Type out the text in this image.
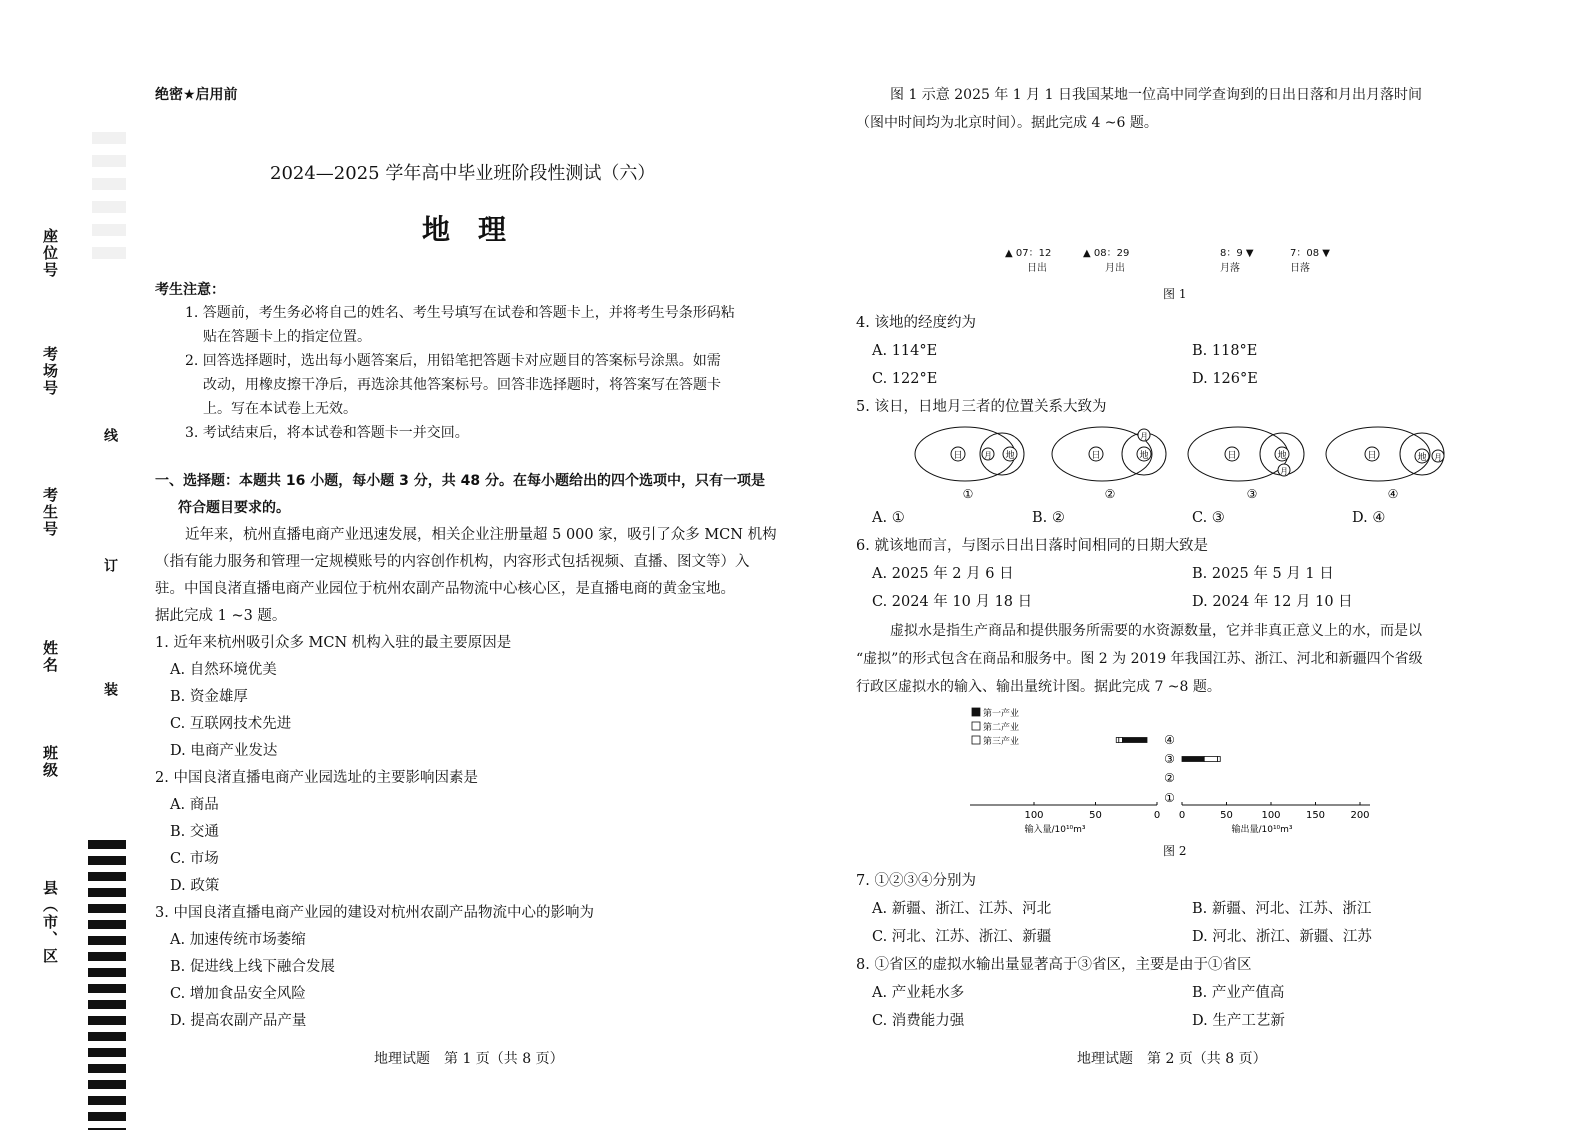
座位号
考场号
考生号
姓名
班级
县（市、区
线
订
装
绝密★启用前
2024—2025 学年高中毕业班阶段性测试（六）
地　理
考生注意：
1. 答题前，考生务必将自己的姓名、考生号填写在试卷和答题卡上，并将考生号条形码粘
贴在答题卡上的指定位置。
2. 回答选择题时，选出每小题答案后，用铅笔把答题卡对应题目的答案标号涂黑。如需
改动，用橡皮擦干净后，再选涂其他答案标号。回答非选择题时，将答案写在答题卡
上。写在本试卷上无效。
3. 考试结束后，将本试卷和答题卡一并交回。
一、选择题：本题共 16 小题，每小题 3 分，共 48 分。在每小题给出的四个选项中，只有一项是
符合题目要求的。
近年来，杭州直播电商产业迅速发展，相关企业注册量超 5 000 家，吸引了众多 MCN 机构
（指有能力服务和管理一定规模账号的内容创作机构，内容形式包括视频、直播、图文等）入
驻。中国良渚直播电商产业园位于杭州农副产品物流中心核心区，是直播电商的黄金宝地。
据此完成 1 ~3 题。
1. 近年来杭州吸引众多 MCN 机构入驻的最主要原因是
A. 自然环境优美
B. 资金雄厚
C. 互联网技术先进
D. 电商产业发达
2. 中国良渚直播电商产业园选址的主要影响因素是
A. 商品
B. 交通
C. 市场
D. 政策
3. 中国良渚直播电商产业园的建设对杭州农副产品物流中心的影响为
A. 加速传统市场萎缩
B. 促进线上线下融合发展
C. 增加食品安全风险
D. 提高农副产品产量
地理试题　第 1 页（共 8 页）
图 1 示意 2025 年 1 月 1 日我国某地一位高中同学查询到的日出日落和月出月落时间
（图中时间均为北京时间）。据此完成 4 ~6 题。
▲ 07：12
日出
▲ 08：29
月出
8：9 ▼
月落
7：08 ▼
日落
图 1
4. 该地的经度约为
A. 114°E	B. 118°E
C. 122°E	D. 126°E
5. 该日，日地月三者的位置关系大致为
日	月 地
①
日	地
月
②
日	地
月
③
日	地 月
④
A. ①	B. ②	C. ③	D. ④
6. 就该地而言，与图示日出日落时间相同的日期大致是
A. 2025 年 2 月 6 日	B. 2025 年 5 月 1 日
C. 2024 年 10 月 18 日	D. 2024 年 12 月 10 日
虚拟水是指生产商品和提供服务所需要的水资源数量，它并非真正意义上的水，而是以
“虚拟”的形式包含在商品和服务中。图 2 为 2019 年我国江苏、浙江、河北和新疆四个省级
行政区虚拟水的输入、输出量统计图。据此完成 7 ~8 题。
第一产业
第二产业
第三产业
100	50	0 0	50	100	150	200
输入量/10¹⁰m³	输出量/10¹⁰m³
①
②
③
④
图 2
7. ①②③④分别为
A. 新疆、浙江、江苏、河北	B. 新疆、河北、江苏、浙江
C. 河北、江苏、浙江、新疆	D. 河北、浙江、新疆、江苏
8. ①省区的虚拟水输出量显著高于③省区，主要是由于①省区
A. 产业耗水多	B. 产业产值高
C. 消费能力强	D. 生产工艺新
地理试题　第 2 页（共 8 页）
